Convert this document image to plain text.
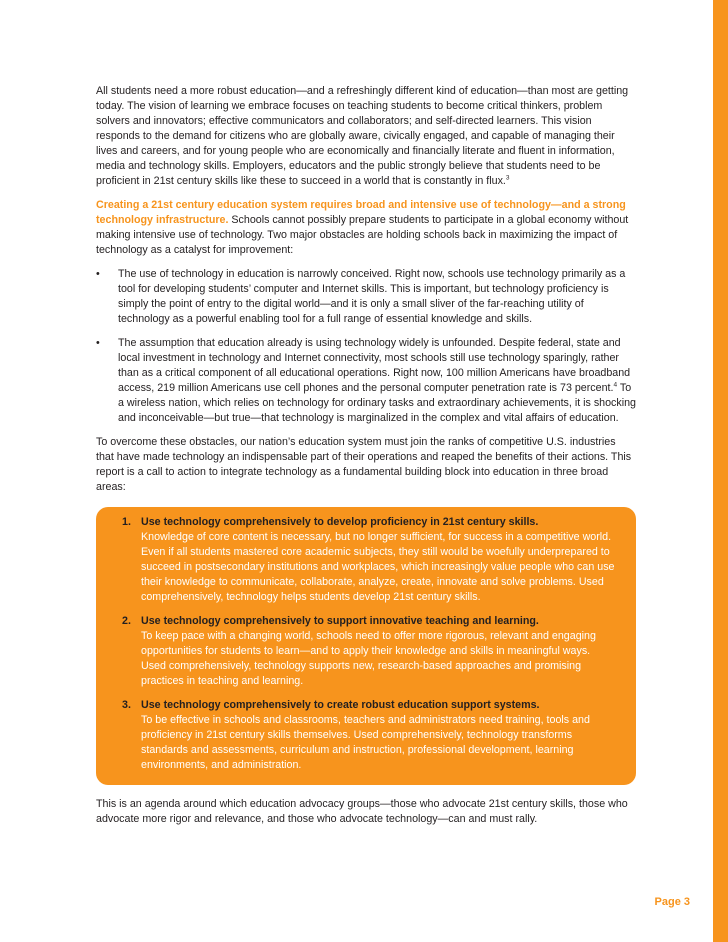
All students need a more robust education—and a refreshingly different kind of education—than most are getting today. The vision of learning we embrace focuses on teaching students to become critical thinkers, problem solvers and innovators; effective communicators and collaborators; and self-directed learners. This vision responds to the demand for citizens who are globally aware, civically engaged, and capable of managing their lives and careers, and for young people who are economically and financially literate and fluent in information, media and technology skills. Employers, educators and the public strongly believe that students need to be proficient in 21st century skills like these to succeed in a world that is constantly in flux.$^3$

Creating a 21st century education system requires broad and intensive use of technology—and a strong technology infrastructure. Schools cannot possibly prepare students to participate in a global economy without making intensive use of technology. Two major obstacles are holding schools back in maximizing the impact of technology as a catalyst for improvement:

• The use of technology in education is narrowly conceived. Right now, schools use technology primarily as a tool for developing students’ computer and Internet skills. This is important, but technology proficiency is simply the point of entry to the digital world—and it is only a small sliver of the far-reaching utility of technology as a powerful enabling tool for a full range of essential knowledge and skills.
• The assumption that education already is using technology widely is unfounded. Despite federal, state and local investment in technology and Internet connectivity, most schools still use technology sparingly, rather than as a critical component of all educational operations. Right now, 100 million Americans have broadband access, 219 million Americans use cell phones and the personal computer penetration rate is 73 percent.$^4$ To a wireless nation, which relies on technology for ordinary tasks and extraordinary achievements, it is shocking and inconceivable—but true—that technology is marginalized in the complex and vital affairs of education.

To overcome these obstacles, our nation’s education system must join the ranks of competitive U.S. industries that have made technology an indispensable part of their operations and reaped the benefits of their actions. This report is a call to action to integrate technology as a fundamental building block into education in three broad areas:

1. Use technology comprehensively to develop proficiency in 21st century skills.
Knowledge of core content is necessary, but no longer sufficient, for success in a competitive world. Even if all students mastered core academic subjects, they still would be woefully underprepared to succeed in postsecondary institutions and workplaces, which increasingly value people who can use their knowledge to communicate, collaborate, analyze, create, innovate and solve problems. Used comprehensively, technology helps students develop 21st century skills.
2. Use technology comprehensively to support innovative teaching and learning.
To keep pace with a changing world, schools need to offer more rigorous, relevant and engaging opportunities for students to learn—and to apply their knowledge and skills in meaningful ways. Used comprehensively, technology supports new, research-based approaches and promising practices in teaching and learning.
3. Use technology comprehensively to create robust education support systems.
To be effective in schools and classrooms, teachers and administrators need training, tools and proficiency in 21st century skills themselves. Used comprehensively, technology transforms standards and assessments, curriculum and instruction, professional development, learning environments, and administration.

This is an agenda around which education advocacy groups—those who advocate 21st century skills, those who advocate more rigor and relevance, and those who advocate technology—can and must rally.

Page 3
